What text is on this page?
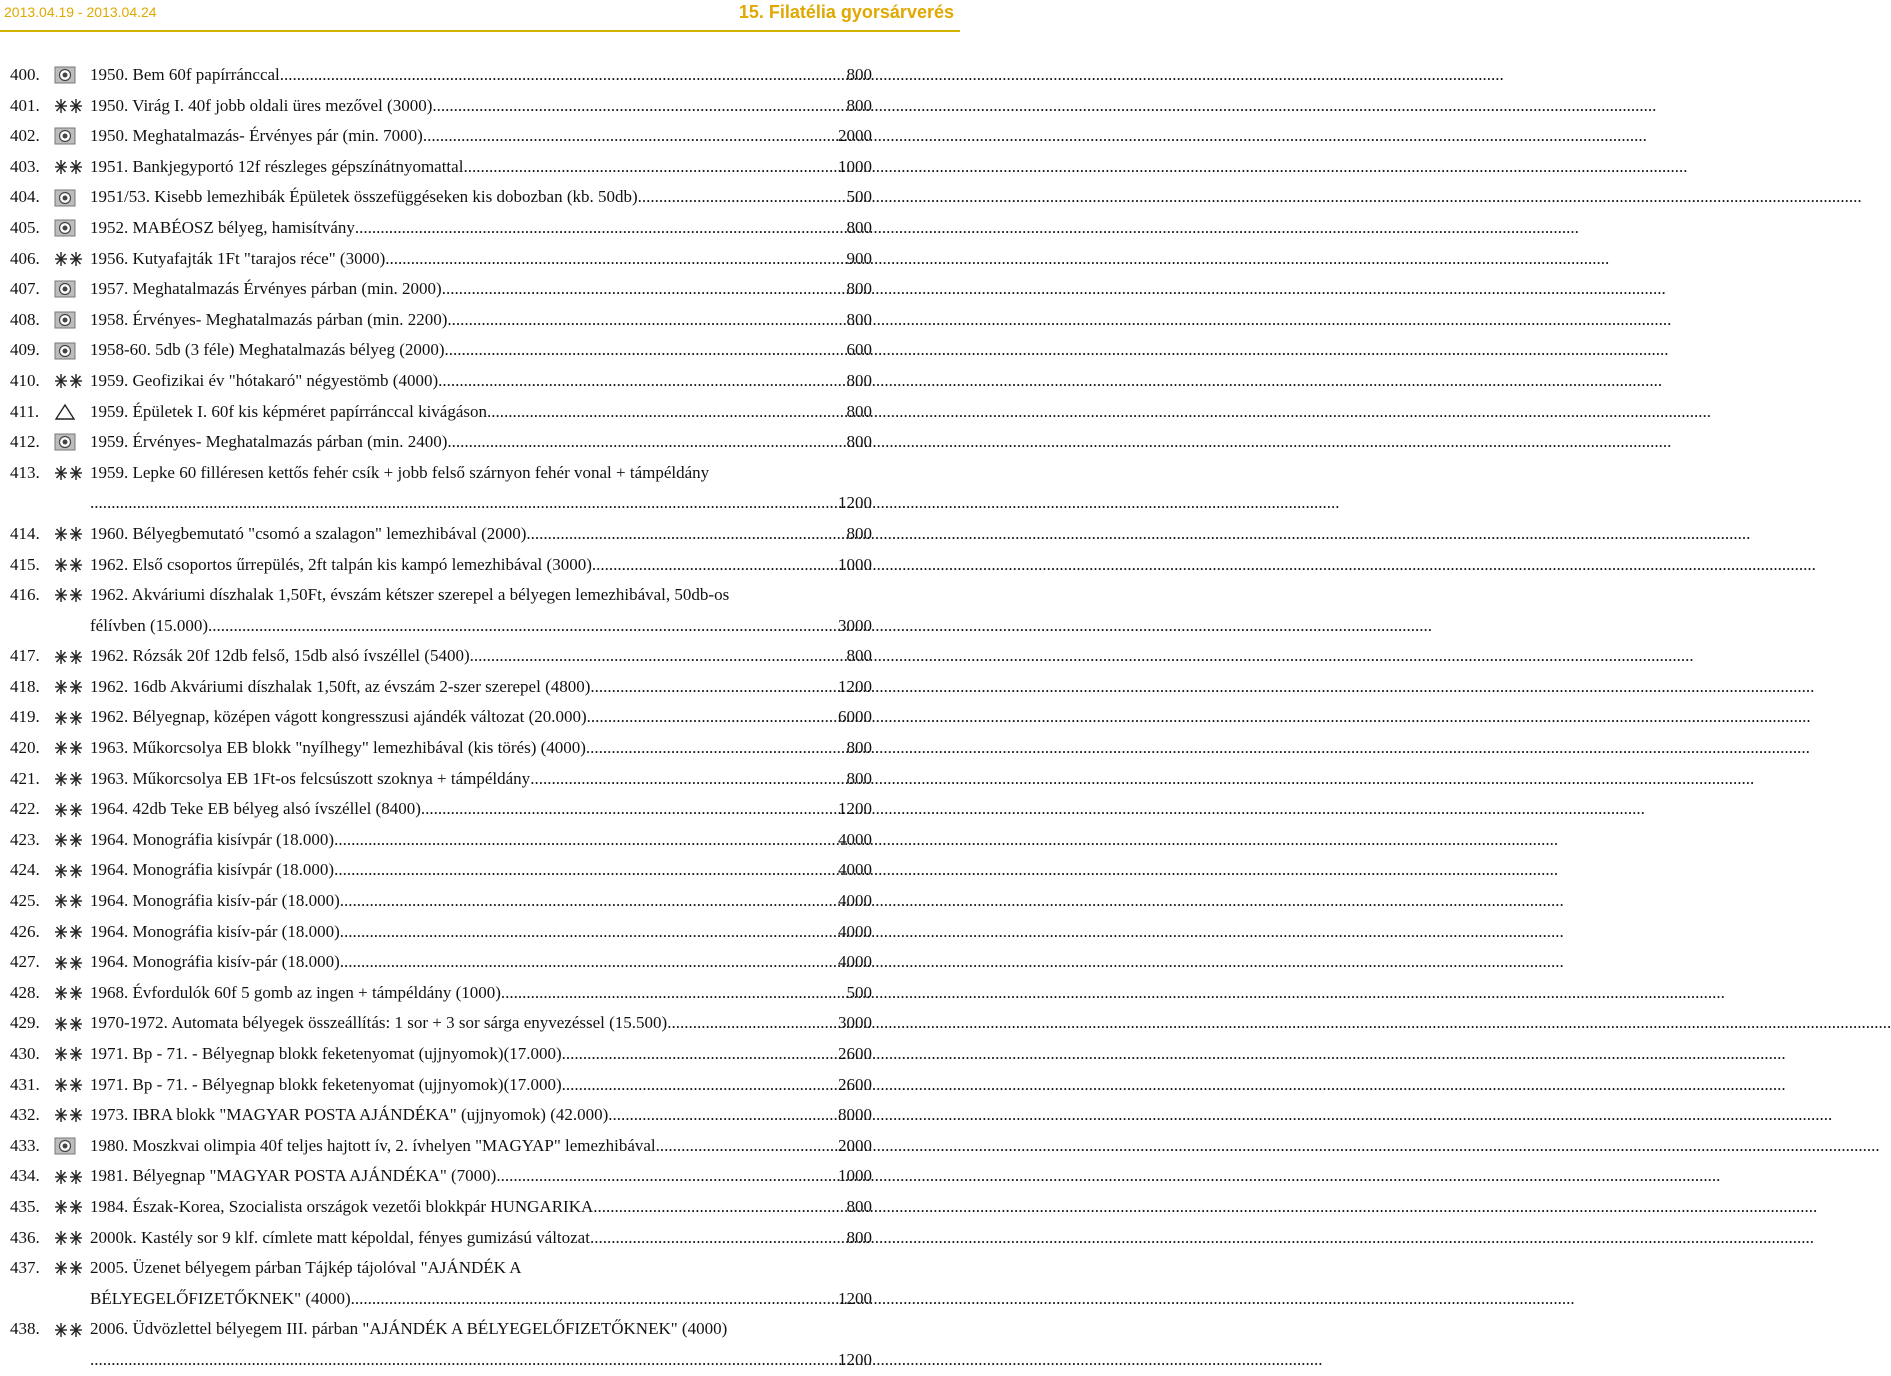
2013.04.19 - 2013.04.24	15. Filatélia gyorsárverés
400.	1950. Bem 60f papírránccal .....	800
401.	1950. Virág I. 40f jobb oldali üres mezővel (3000) .....	800
402.	1950. Meghatalmazás- Érvényes pár (min. 7000) .....	2000
403.	1951. Bankjegyportó 12f részleges gépszínátnyomattal .....	1000
404.	1951/53. Kisebb lemezhibák Épületek összefüggéseken kis dobozban (kb. 50db) .....	500
405.	1952. MABÉOSZ bélyeg, hamisítvány .....	800
406.	1956. Kutyafajták 1Ft "tarajos réce" (3000) .....	900
407.	1957. Meghatalmazás Érvényes párban (min. 2000) .....	800
408.	1958. Érvényes- Meghatalmazás párban (min. 2200) .....	800
409.	1958-60. 5db (3 féle) Meghatalmazás bélyeg (2000) .....	600
410.	1959. Geofizikai év "hótakaró" négyestömb (4000) .....	800
411.	1959. Épületek I. 60f kis képméret papírránccal kivágáson .....	800
412.	1959. Érvényes- Meghatalmazás párban (min. 2400) .....	800
413.	1959. Lepke 60 filléresen kettős fehér csík + jobb felső szárnyon fehér vonal + támpéldány
...... .....	1200
414.	1960. Bélyegbemutató "csomó a szalagon" lemezhibával (2000) .....	800
415.	1962. Első csoportos űrrepülés, 2ft talpán kis kampó lemezhibával (3000) .....	1000
416.	1962. Akváriumi díszhalak 1,50Ft, évszám kétszer szerepel a bélyegen lemezhibával, 50db-os
félívben (15.000) .....	3000
417.	1962. Rózsák 20f 12db felső, 15db alsó ívszéllel (5400) .....	800
418.	1962. 16db Akváriumi díszhalak 1,50ft, az évszám 2-szer szerepel (4800) .....	1200
419.	1962. Bélyegnap, középen vágott kongresszusi ajándék változat (20.000) .....	6000
420.	1963. Műkorcsolya EB blokk "nyílhegy" lemezhibával (kis törés) (4000) .....	800
421.	1963. Műkorcsolya EB 1Ft-os felcsúszott szoknya + támpéldány .....	800
422.	1964. 42db Teke EB bélyeg alsó ívszéllel (8400) .....	1200
423.	1964. Monográfia kisívpár (18.000) .....	4000
424.	1964. Monográfia kisívpár (18.000) .....	4000
425.	1964. Monográfia kisív-pár (18.000) .....	4000
426.	1964. Monográfia kisív-pár (18.000) .....	4000
427.	1964. Monográfia kisív-pár (18.000) .....	4000
428.	1968. Évfordulók 60f 5 gomb az ingen + támpéldány (1000) .....	500
429.	1970-1972. Automata bélyegek összeállítás: 1 sor + 3 sor sárga enyvezéssel (15.500) .....	3000
430.	1971. Bp - 71. - Bélyegnap blokk feketenyomat (ujjnyomok)(17.000) .....	2600
431.	1971. Bp - 71. - Bélyegnap blokk feketenyomat (ujjnyomok)(17.000) .....	2600
432.	1973. IBRA blokk "MAGYAR POSTA AJÁNDÉKA" (ujjnyomok) (42.000) .....	8000
433.	1980. Moszkvai olimpia 40f teljes hajtott ív, 2. ívhelyen "MAGYAP" lemezhibával .....	2000
434.	1981. Bélyegnap "MAGYAR POSTA AJÁNDÉKA" (7000) .....	1000
435.	1984. Észak-Korea, Szocialista országok vezetői blokkpár HUNGARIKA .....	800
436.	2000k. Kastély sor 9 klf. címlete matt képoldal, fényes gumizású változat .....	800
437.	2005. Üzenet bélyegem párban Tájkép tájolóval "AJÁNDÉK A
BÉLYEGELŐFIZETŐKNEK" (4000) .....	1200
438.	2006. Üdvözlettel bélyegem III. párban "AJÁNDÉK A BÉLYEGELŐFIZETŐKNEK" (4000)
.. .....	1200
